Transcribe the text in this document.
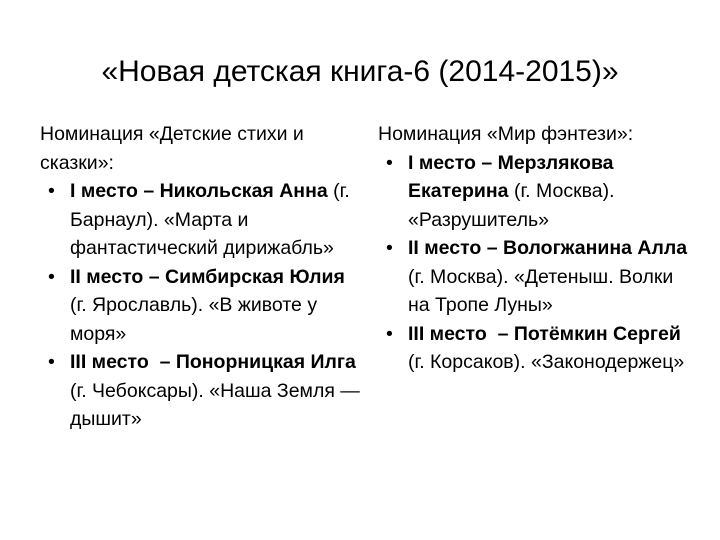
«Новая детская книга-6 (2014-2015)»

Номинация «Детские стихи и сказки»:

• I место – Никольская Анна (г. Барнаул). «Марта и фантастический дирижабль»
• II место – Симбирская Юлия (г. Ярославль). «В животе у моря»
• III место  – Понорницкая Илга (г. Чебоксары). «Наша Земля — дышит»

Номинация «Мир фэнтези»:

• I место – Мерзлякова Екатерина (г. Москва). «Разрушитель»
• II место – Вологжанина Алла (г. Москва). «Детеныш. Волки на Тропе Луны»
• III место  – Потёмкин Сергей (г. Корсаков). «Законодержец»
